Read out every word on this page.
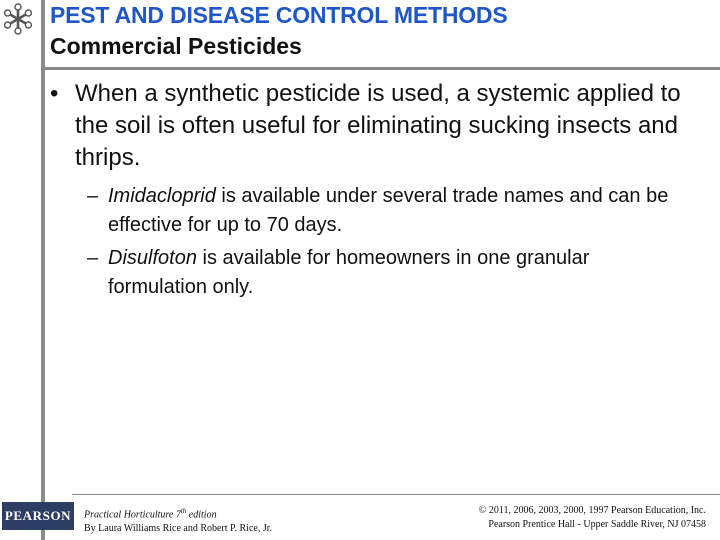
PEST AND DISEASE CONTROL METHODS
Commercial Pesticides
• When a synthetic pesticide is used, a systemic applied to the soil is often useful for eliminating sucking insects and thrips.
– Imidacloprid is available under several trade names and can be effective for up to 70 days.
– Disulfoton is available for homeowners in one granular formulation only.
PEARSON Practical Horticulture 7th edition
By Laura Williams Rice and Robert P. Rice, Jr.
© 2011, 2006, 2003, 2000, 1997 Pearson Education, Inc.
Pearson Prentice Hall - Upper Saddle River, NJ 07458
